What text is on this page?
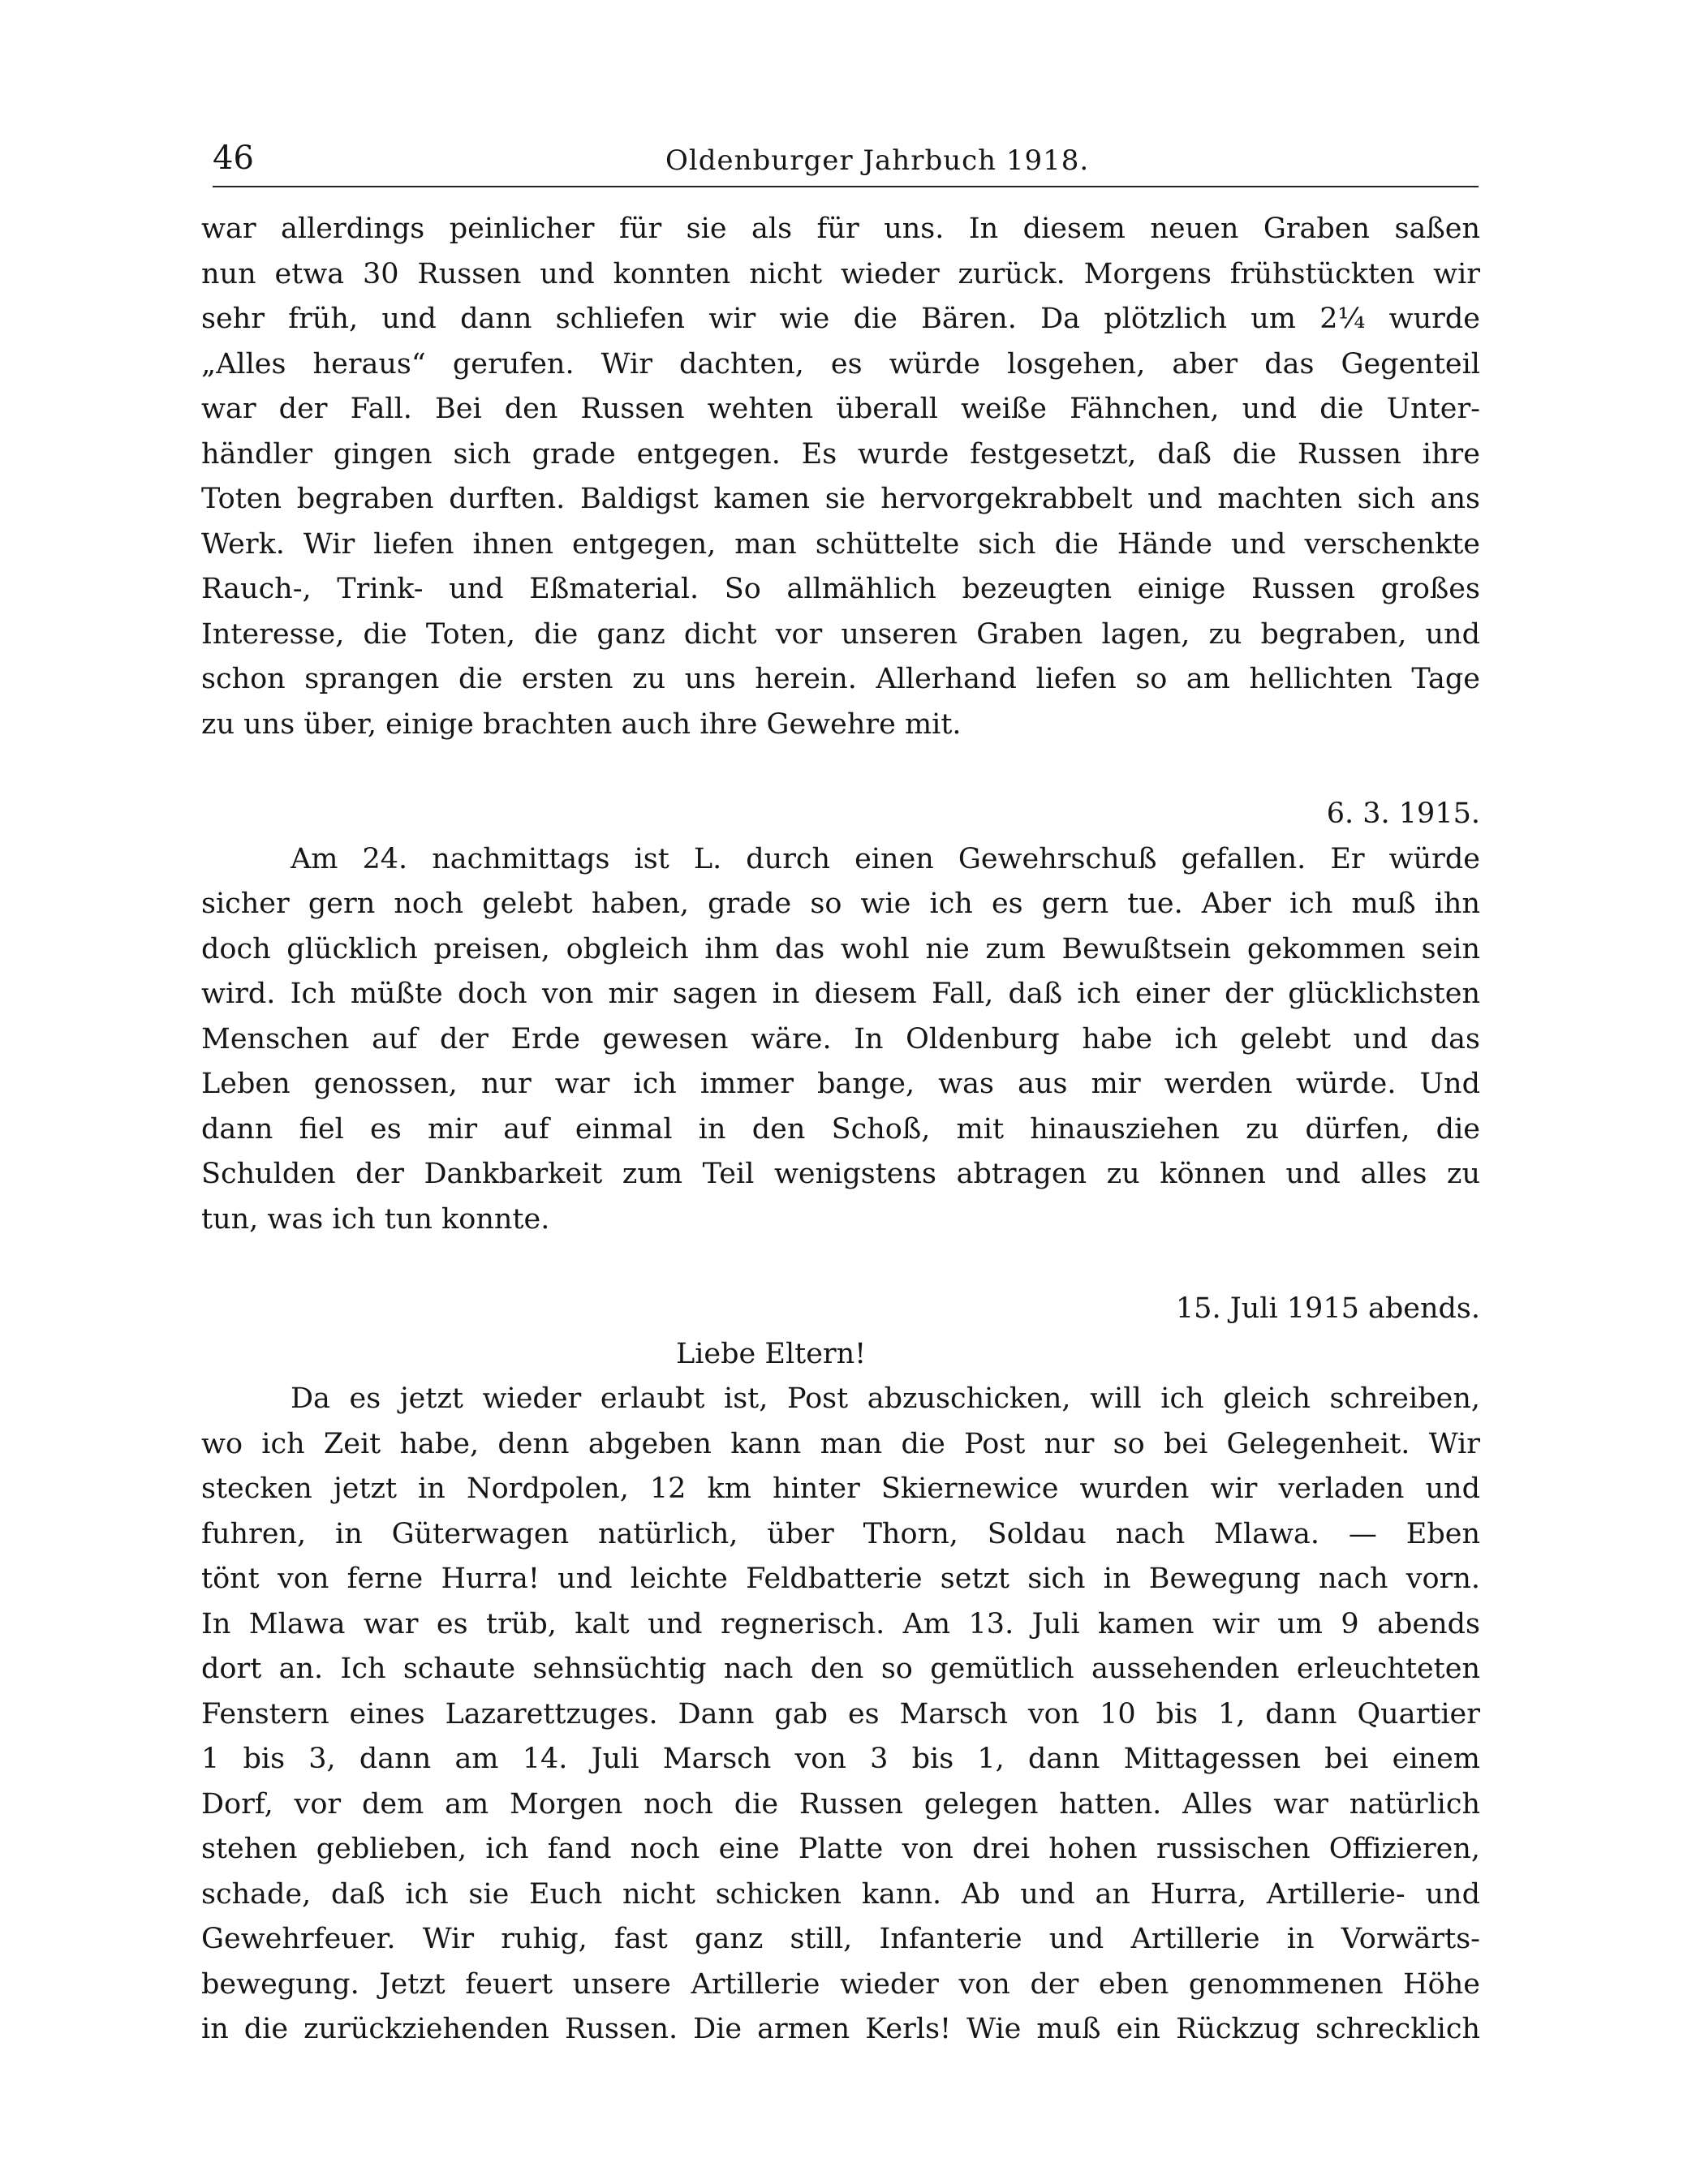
46	Oldenburger Jahrbuch 1918.
war allerdings peinlicher für sie als für uns. In diesem neuen Graben saßen
nun etwa 30 Russen und konnten nicht wieder zurück. Morgens frühstückten wir
sehr früh, und dann schliefen wir wie die Bären. Da plötzlich um 2¼ wurde
„Alles heraus“ gerufen. Wir dachten, es würde losgehen, aber das Gegenteil
war der Fall. Bei den Russen wehten überall weiße Fähnchen, und die Unter-
händler gingen sich grade entgegen. Es wurde festgesetzt, daß die Russen ihre
Toten begraben durften. Baldigst kamen sie hervorgekrabbelt und machten sich ans
Werk. Wir liefen ihnen entgegen, man schüttelte sich die Hände und verschenkte
Rauch-, Trink- und Eßmaterial. So allmählich bezeugten einige Russen großes
Interesse, die Toten, die ganz dicht vor unseren Graben lagen, zu begraben, und
schon sprangen die ersten zu uns herein. Allerhand liefen so am hellichten Tage
zu uns über, einige brachten auch ihre Gewehre mit.
6. 3. 1915.
Am 24. nachmittags ist L. durch einen Gewehrschuß gefallen. Er würde
sicher gern noch gelebt haben, grade so wie ich es gern tue. Aber ich muß ihn
doch glücklich preisen, obgleich ihm das wohl nie zum Bewußtsein gekommen sein
wird. Ich müßte doch von mir sagen in diesem Fall, daß ich einer der glücklichsten
Menschen auf der Erde gewesen wäre. In Oldenburg habe ich gelebt und das
Leben genossen, nur war ich immer bange, was aus mir werden würde. Und
dann fiel es mir auf einmal in den Schoß, mit hinausziehen zu dürfen, die
Schulden der Dankbarkeit zum Teil wenigstens abtragen zu können und alles zu
tun, was ich tun konnte.
15. Juli 1915 abends.
Liebe Eltern!
Da es jetzt wieder erlaubt ist, Post abzuschicken, will ich gleich schreiben,
wo ich Zeit habe, denn abgeben kann man die Post nur so bei Gelegenheit. Wir
stecken jetzt in Nordpolen, 12 km hinter Skiernewice wurden wir verladen und
fuhren, in Güterwagen natürlich, über Thorn, Soldau nach Mlawa. — Eben
tönt von ferne Hurra! und leichte Feldbatterie setzt sich in Bewegung nach vorn.
In Mlawa war es trüb, kalt und regnerisch. Am 13. Juli kamen wir um 9 abends
dort an. Ich schaute sehnsüchtig nach den so gemütlich aussehenden erleuchteten
Fenstern eines Lazarettzuges. Dann gab es Marsch von 10 bis 1, dann Quartier
1 bis 3, dann am 14. Juli Marsch von 3 bis 1, dann Mittagessen bei einem
Dorf, vor dem am Morgen noch die Russen gelegen hatten. Alles war natürlich
stehen geblieben, ich fand noch eine Platte von drei hohen russischen Offizieren,
schade, daß ich sie Euch nicht schicken kann. Ab und an Hurra, Artillerie- und
Gewehrfeuer. Wir ruhig, fast ganz still, Infanterie und Artillerie in Vorwärts-
bewegung. Jetzt feuert unsere Artillerie wieder von der eben genommenen Höhe
in die zurückziehenden Russen. Die armen Kerls! Wie muß ein Rückzug schrecklich
